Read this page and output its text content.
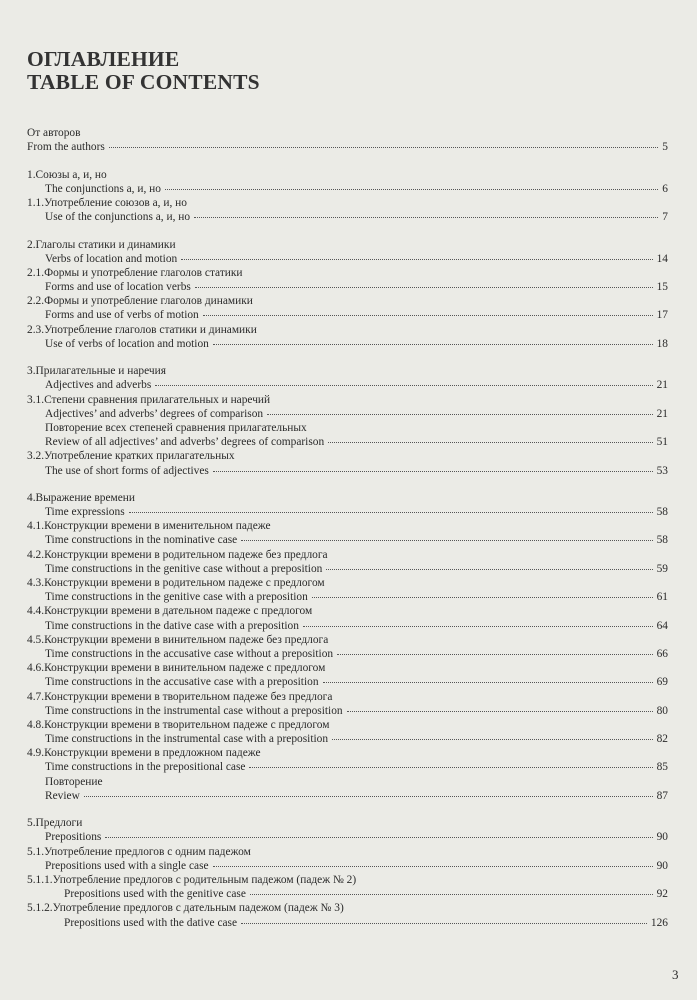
ОГЛАВЛЕНИЕ
TABLE OF CONTENTS
От авторов
From the authors	5
1.Союзы а, и, но
The conjunctions а, и, но	6
1.1.Употребление союзов а, и, но
Use of the conjunctions а, и, но	7
2.Глаголы статики и динамики
Verbs of location and motion	14
2.1.Формы и употребление глаголов статики
Forms and use of location verbs	15
2.2.Формы и употребление глаголов динамики
Forms and use of verbs of motion	17
2.3.Употребление глаголов статики и динамики
Use of verbs of location and motion	18
3.Прилагательные и наречия
Adjectives and adverbs	21
3.1.Степени сравнения прилагательных и наречий
Adjectives’ and adverbs’ degrees of comparison	21
Повторение всех степеней сравнения прилагательных
Review of all adjectives’ and adverbs’ degrees of comparison	51
3.2.Употребление кратких прилагательных
The use of short forms of adjectives	53
4.Выражение времени
Time expressions	58
4.1.Конструкции времени в именительном падеже
Time constructions in the nominative case	58
4.2.Конструкции времени в родительном падеже без предлога
Time constructions in the genitive case without a preposition	59
4.3.Конструкции времени в родительном падеже с предлогом
Time constructions in the genitive case with a preposition	61
4.4.Конструкции времени в дательном падеже с предлогом
Time constructions in the dative case with a preposition	64
4.5.Конструкции времени в винительном падеже без предлога
Time constructions in the accusative case without a preposition	66
4.6.Конструкции времени в винительном падеже с предлогом
Time constructions in the accusative case with a preposition	69
4.7.Конструкции времени в творительном падеже без предлога
Time constructions in the instrumental case without a preposition	80
4.8.Конструкции времени в творительном падеже с предлогом
Time constructions in the instrumental case with a preposition	82
4.9.Конструкции времени в предложном падеже
Time constructions in the prepositional case	85
Повторение
Review	87
5.Предлоги
Prepositions	90
5.1.Употребление предлогов с одним падежом
Prepositions used with a single case	90
5.1.1.Употребление предлогов с родительным падежом (падеж № 2)
Prepositions used with the genitive case	92
5.1.2.Употребление предлогов с дательным падежом (падеж № 3)
Prepositions used with the dative case	126
3
